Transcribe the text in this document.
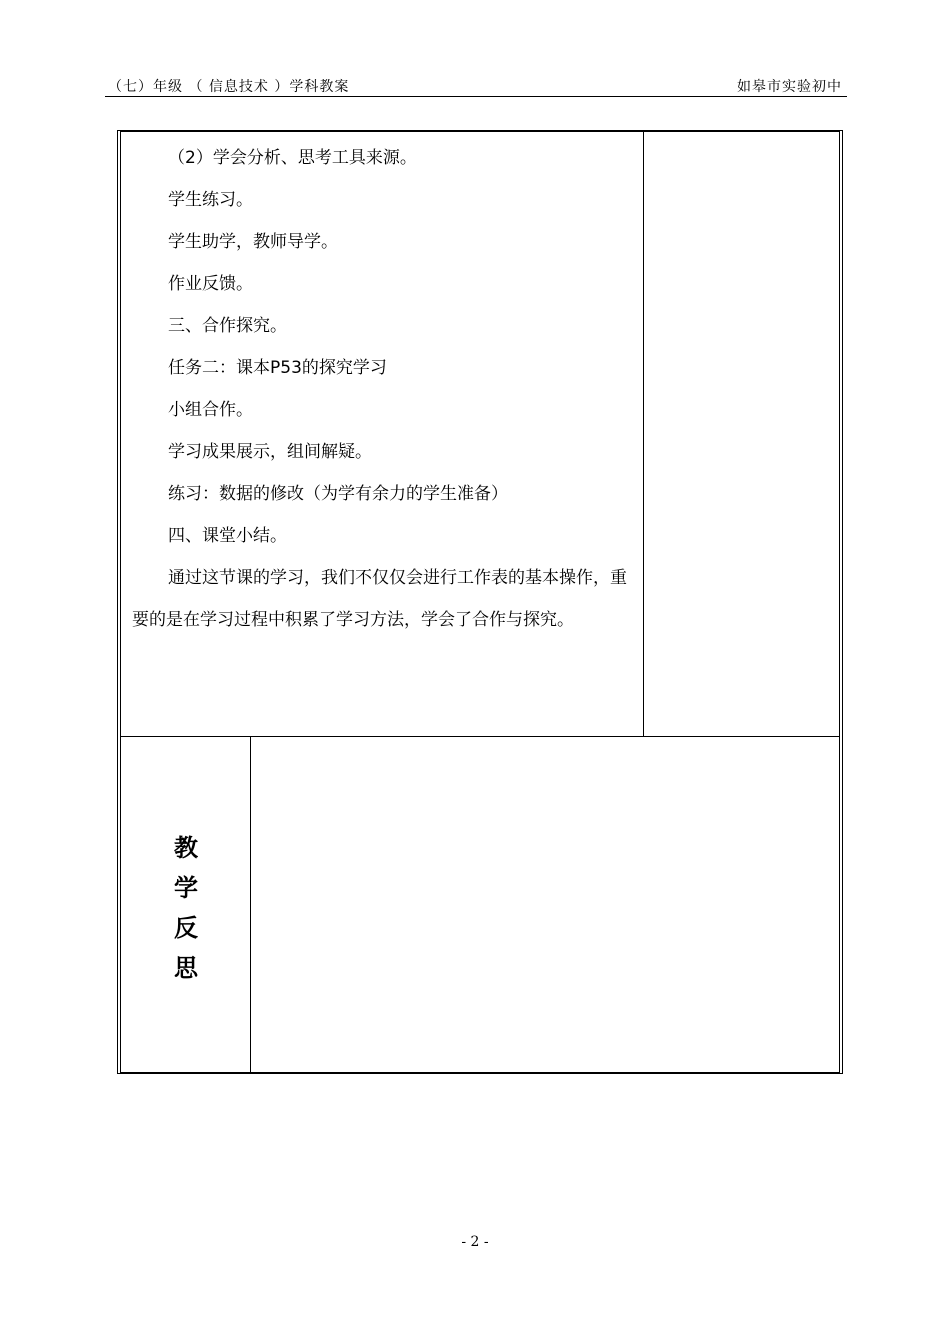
（七）年级 （ 信息技术 ）学科教案	如皋市实验初中

（2）学会分析、思考工具来源。

学生练习。

学生助学，教师导学。

作业反馈。

三、合作探究。

任务二：课本P53的探究学习

小组合作。

学习成果展示，组间解疑。

练习：数据的修改（为学有余力的学生准备）

四、课堂小结。

通过这节课的学习，我们不仅仅会进行工作表的基本操作，重要的是在学习过程中积累了学习方法，学会了合作与探究。

教
学
反
思
- 2 -
